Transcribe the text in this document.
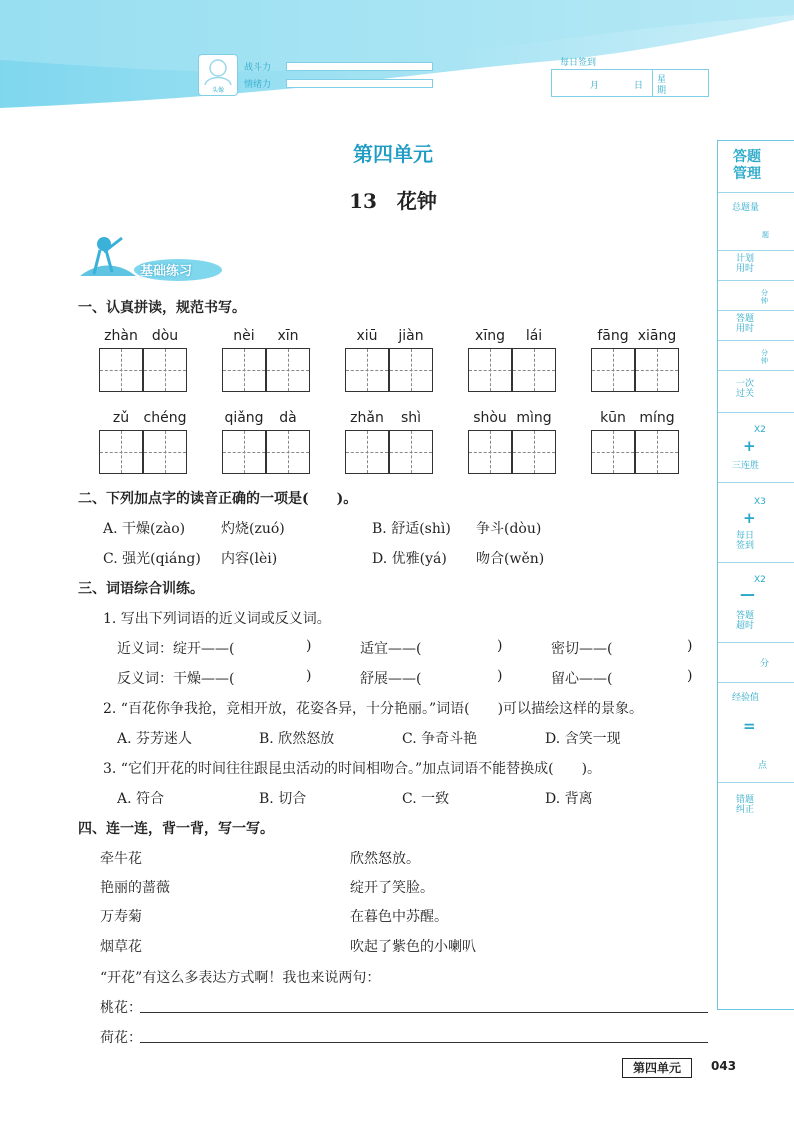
头像
战斗力
情绪力
每日签到
月	日
星
期
第四单元
13　花钟
基础练习
一、认真拼读，规范书写。
zhàn dòu	nèi	xīn	xiū	jiàn	xīng	lái	fāng xiāng
zǔ	chéng	qiǎng	dà	zhǎn	shì	shòu mìng	kūn míng
二、下列加点字的读音正确的一项是(　　)。
A. 干燥(zào)	灼烧(zuó)	B. 舒适(shì) 争斗(dòu)
C. 强光(qiáng) 内容(lèi)	D. 优雅(yá) 吻合(wěn)
三、词语综合训练。
1. 写出下列词语的近义词或反义词。
近义词：绽开——(	)	适宜——(	)	密切——(	)
反义词：干燥——(	)	舒展——(	)	留心——(	)
2. “百花你争我抢，竞相开放，花姿各异，十分艳丽。”词语(　　)可以描绘这样的景象。
A. 芬芳迷人	B. 欣然怒放	C. 争奇斗艳	D. 含笑一现
3. “它们开花的时间往往跟昆虫活动的时间相吻合。”加点词语不能替换成(　　)。
A. 符合	B. 切合	C. 一致	D. 背离
四、连一连，背一背，写一写。
牵牛花
艳丽的蔷薇
万寿菊
烟草花
欣然怒放。
绽开了笑脸。
在暮色中苏醒。
吹起了紫色的小喇叭
“开花”有这么多表达方式啊！我也来说两句：
桃花：
荷花：
答题
管理
总题量
题
计划
用时
分钟
答题
用时
分钟
一次
过关
X2
+
三连胜
X3
+
每日
签到
X2
—
答题
超时
分
经验值
=
点
错题
纠正
第四单元	043
